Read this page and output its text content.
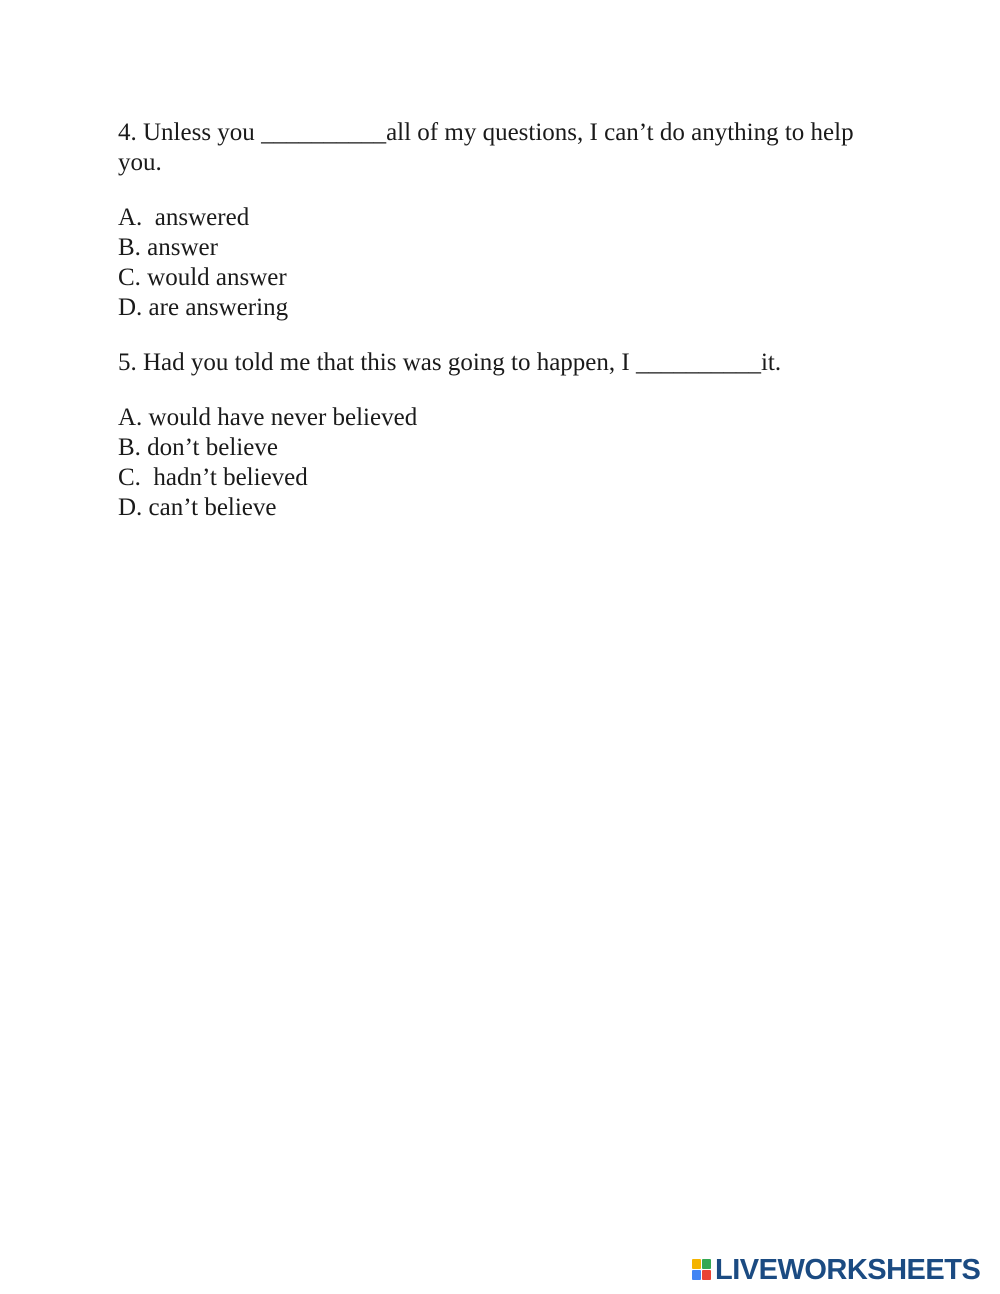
4. Unless you __________all of my questions, I can’t do anything to help you.

A.  answered
B. answer
C. would answer
D. are answering

5. Had you told me that this was going to happen, I __________it.

A. would have never believed
B. don’t believe
C.  hadn’t believed
D. can’t believe
LIVEWORKSHEETS
